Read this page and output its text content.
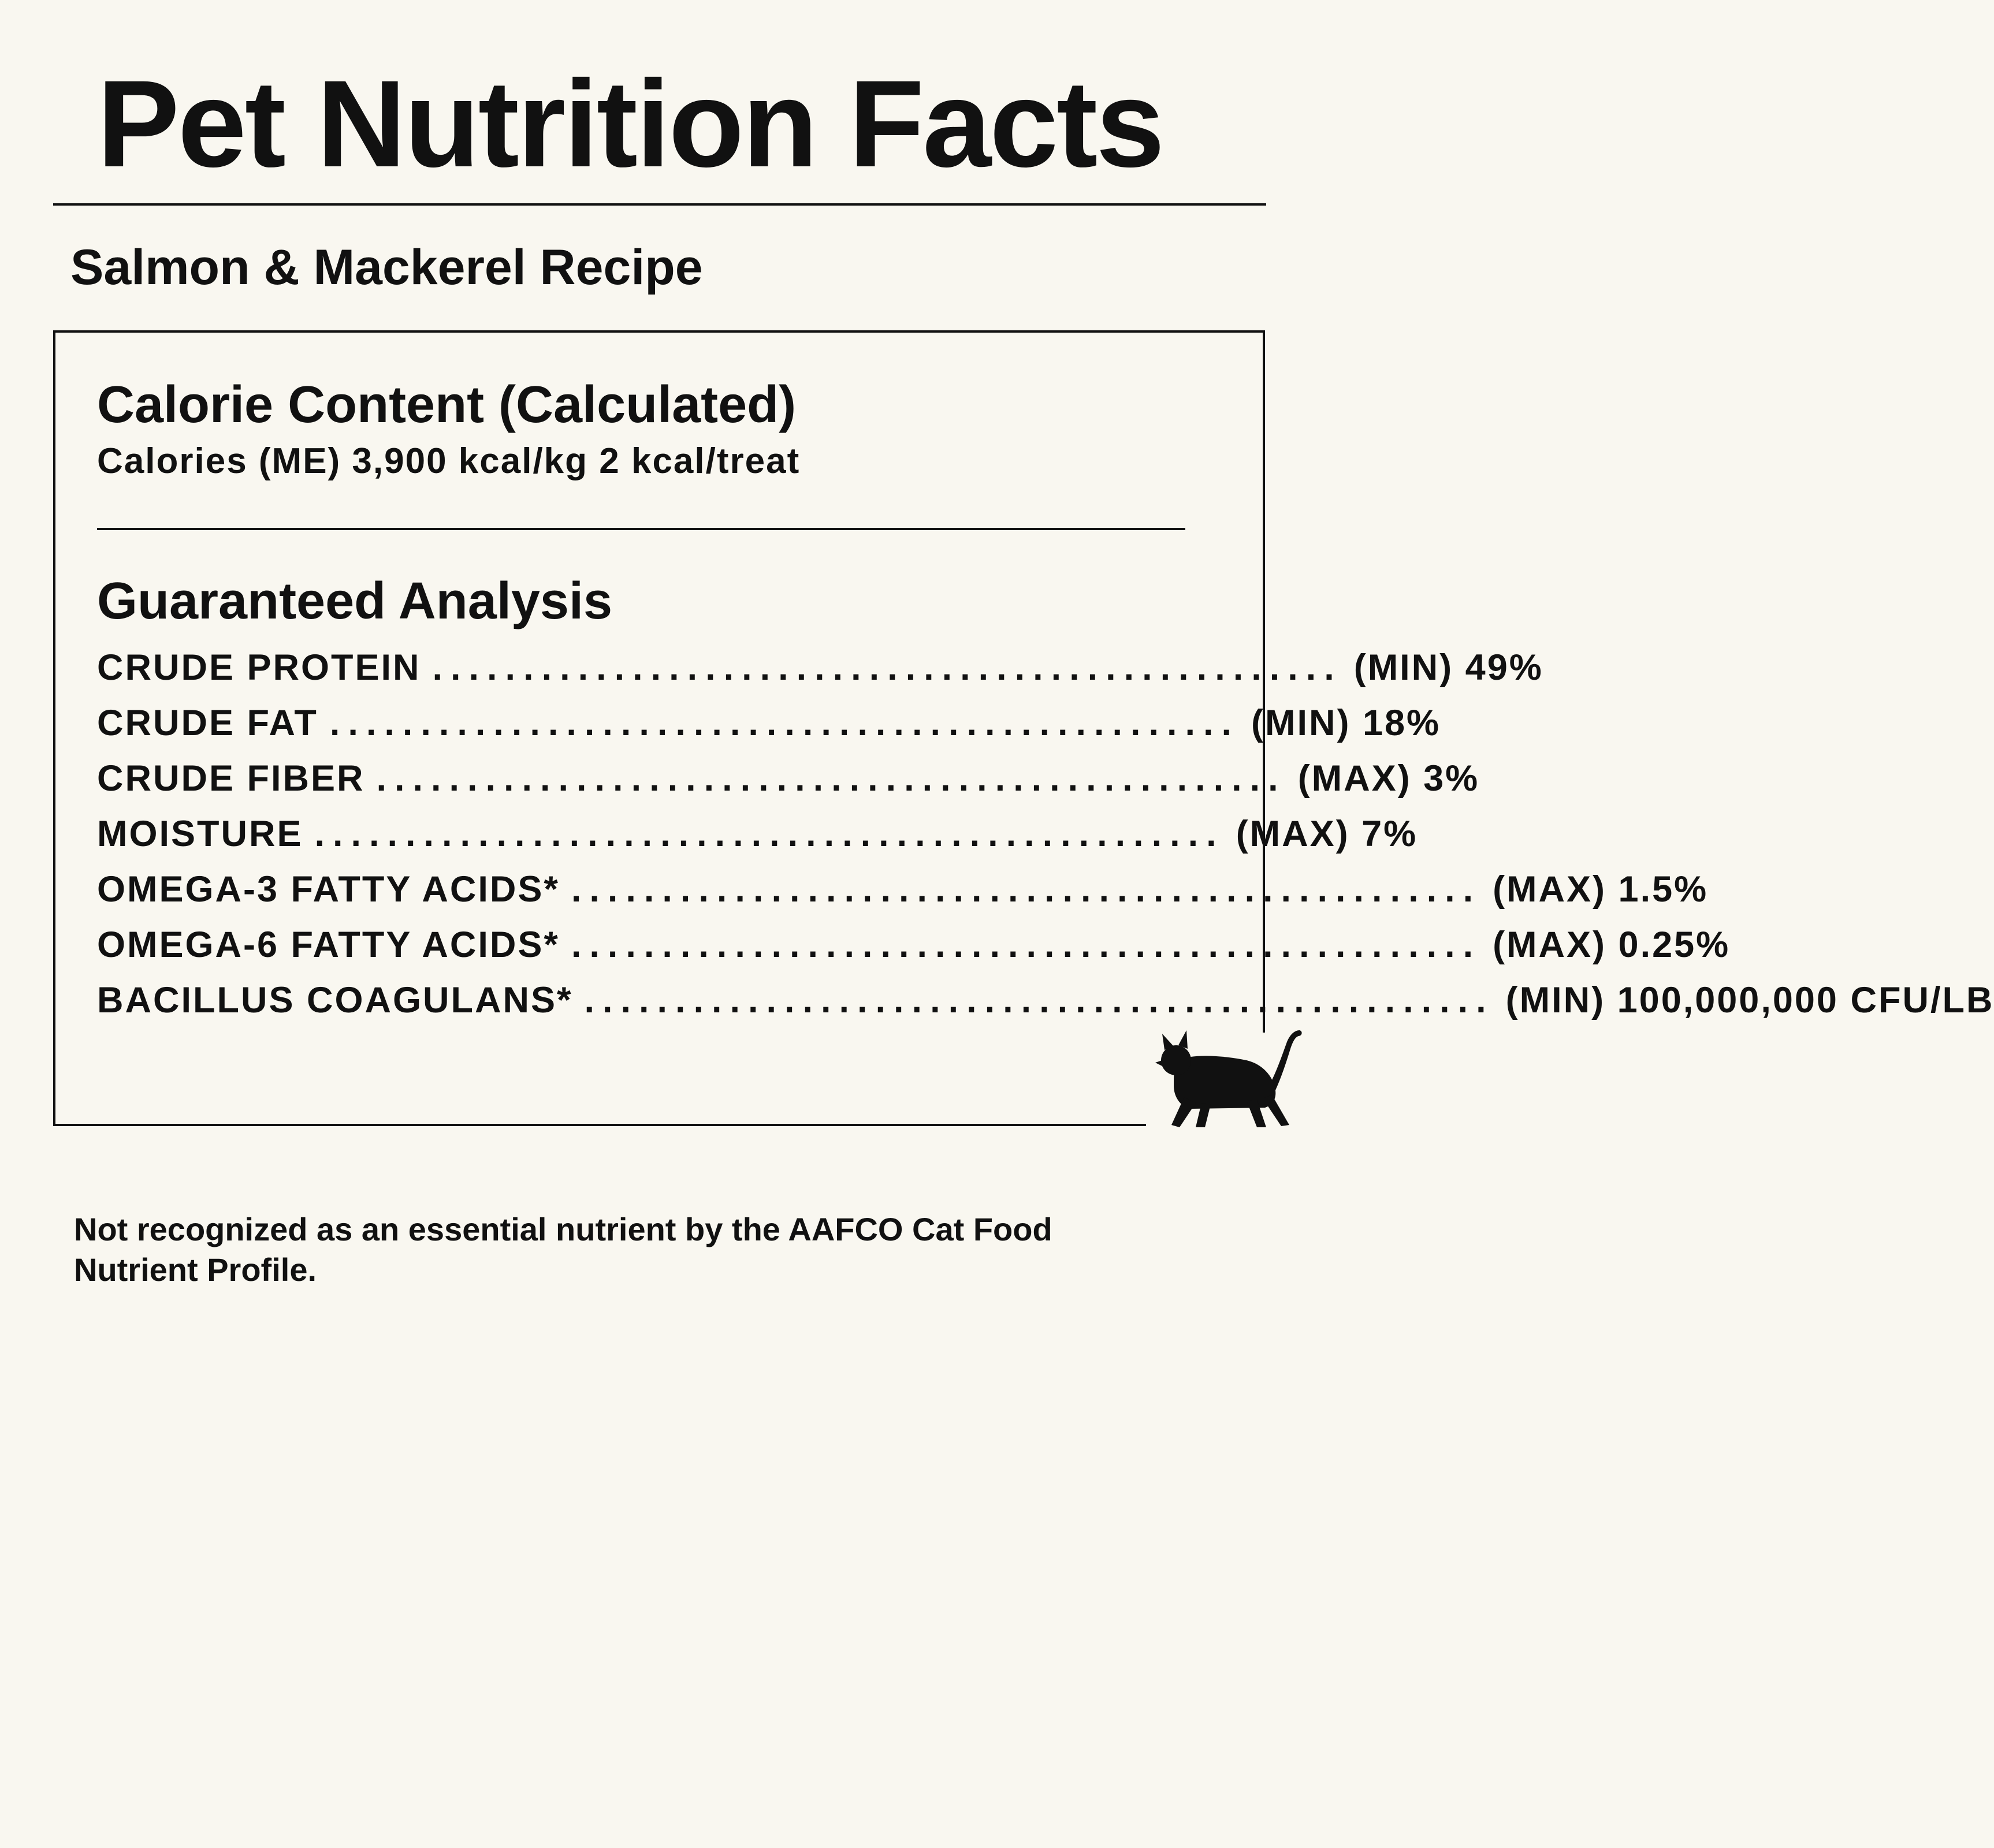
Pet Nutrition Facts
Salmon & Mackerel Recipe
Calorie Content (Calculated)

Calories (ME) 3,900 kcal/kg 2 kcal/treat

Guaranteed Analysis
CRUDE PROTEIN .................................................. (MIN) 49%
CRUDE FAT .................................................. (MIN) 18%
CRUDE FIBER .................................................. (MAX) 3%
MOISTURE .................................................. (MAX) 7%
OMEGA-3 FATTY ACIDS* .................................................. (MAX) 1.5%
OMEGA-6 FATTY ACIDS* .................................................. (MAX) 0.25%
BACILLUS COAGULANS* .................................................. (MIN) 100,000,000 CFU/LB

Not recognized as an essential nutrient by the AAFCO Cat Food Nutrient Profile.
